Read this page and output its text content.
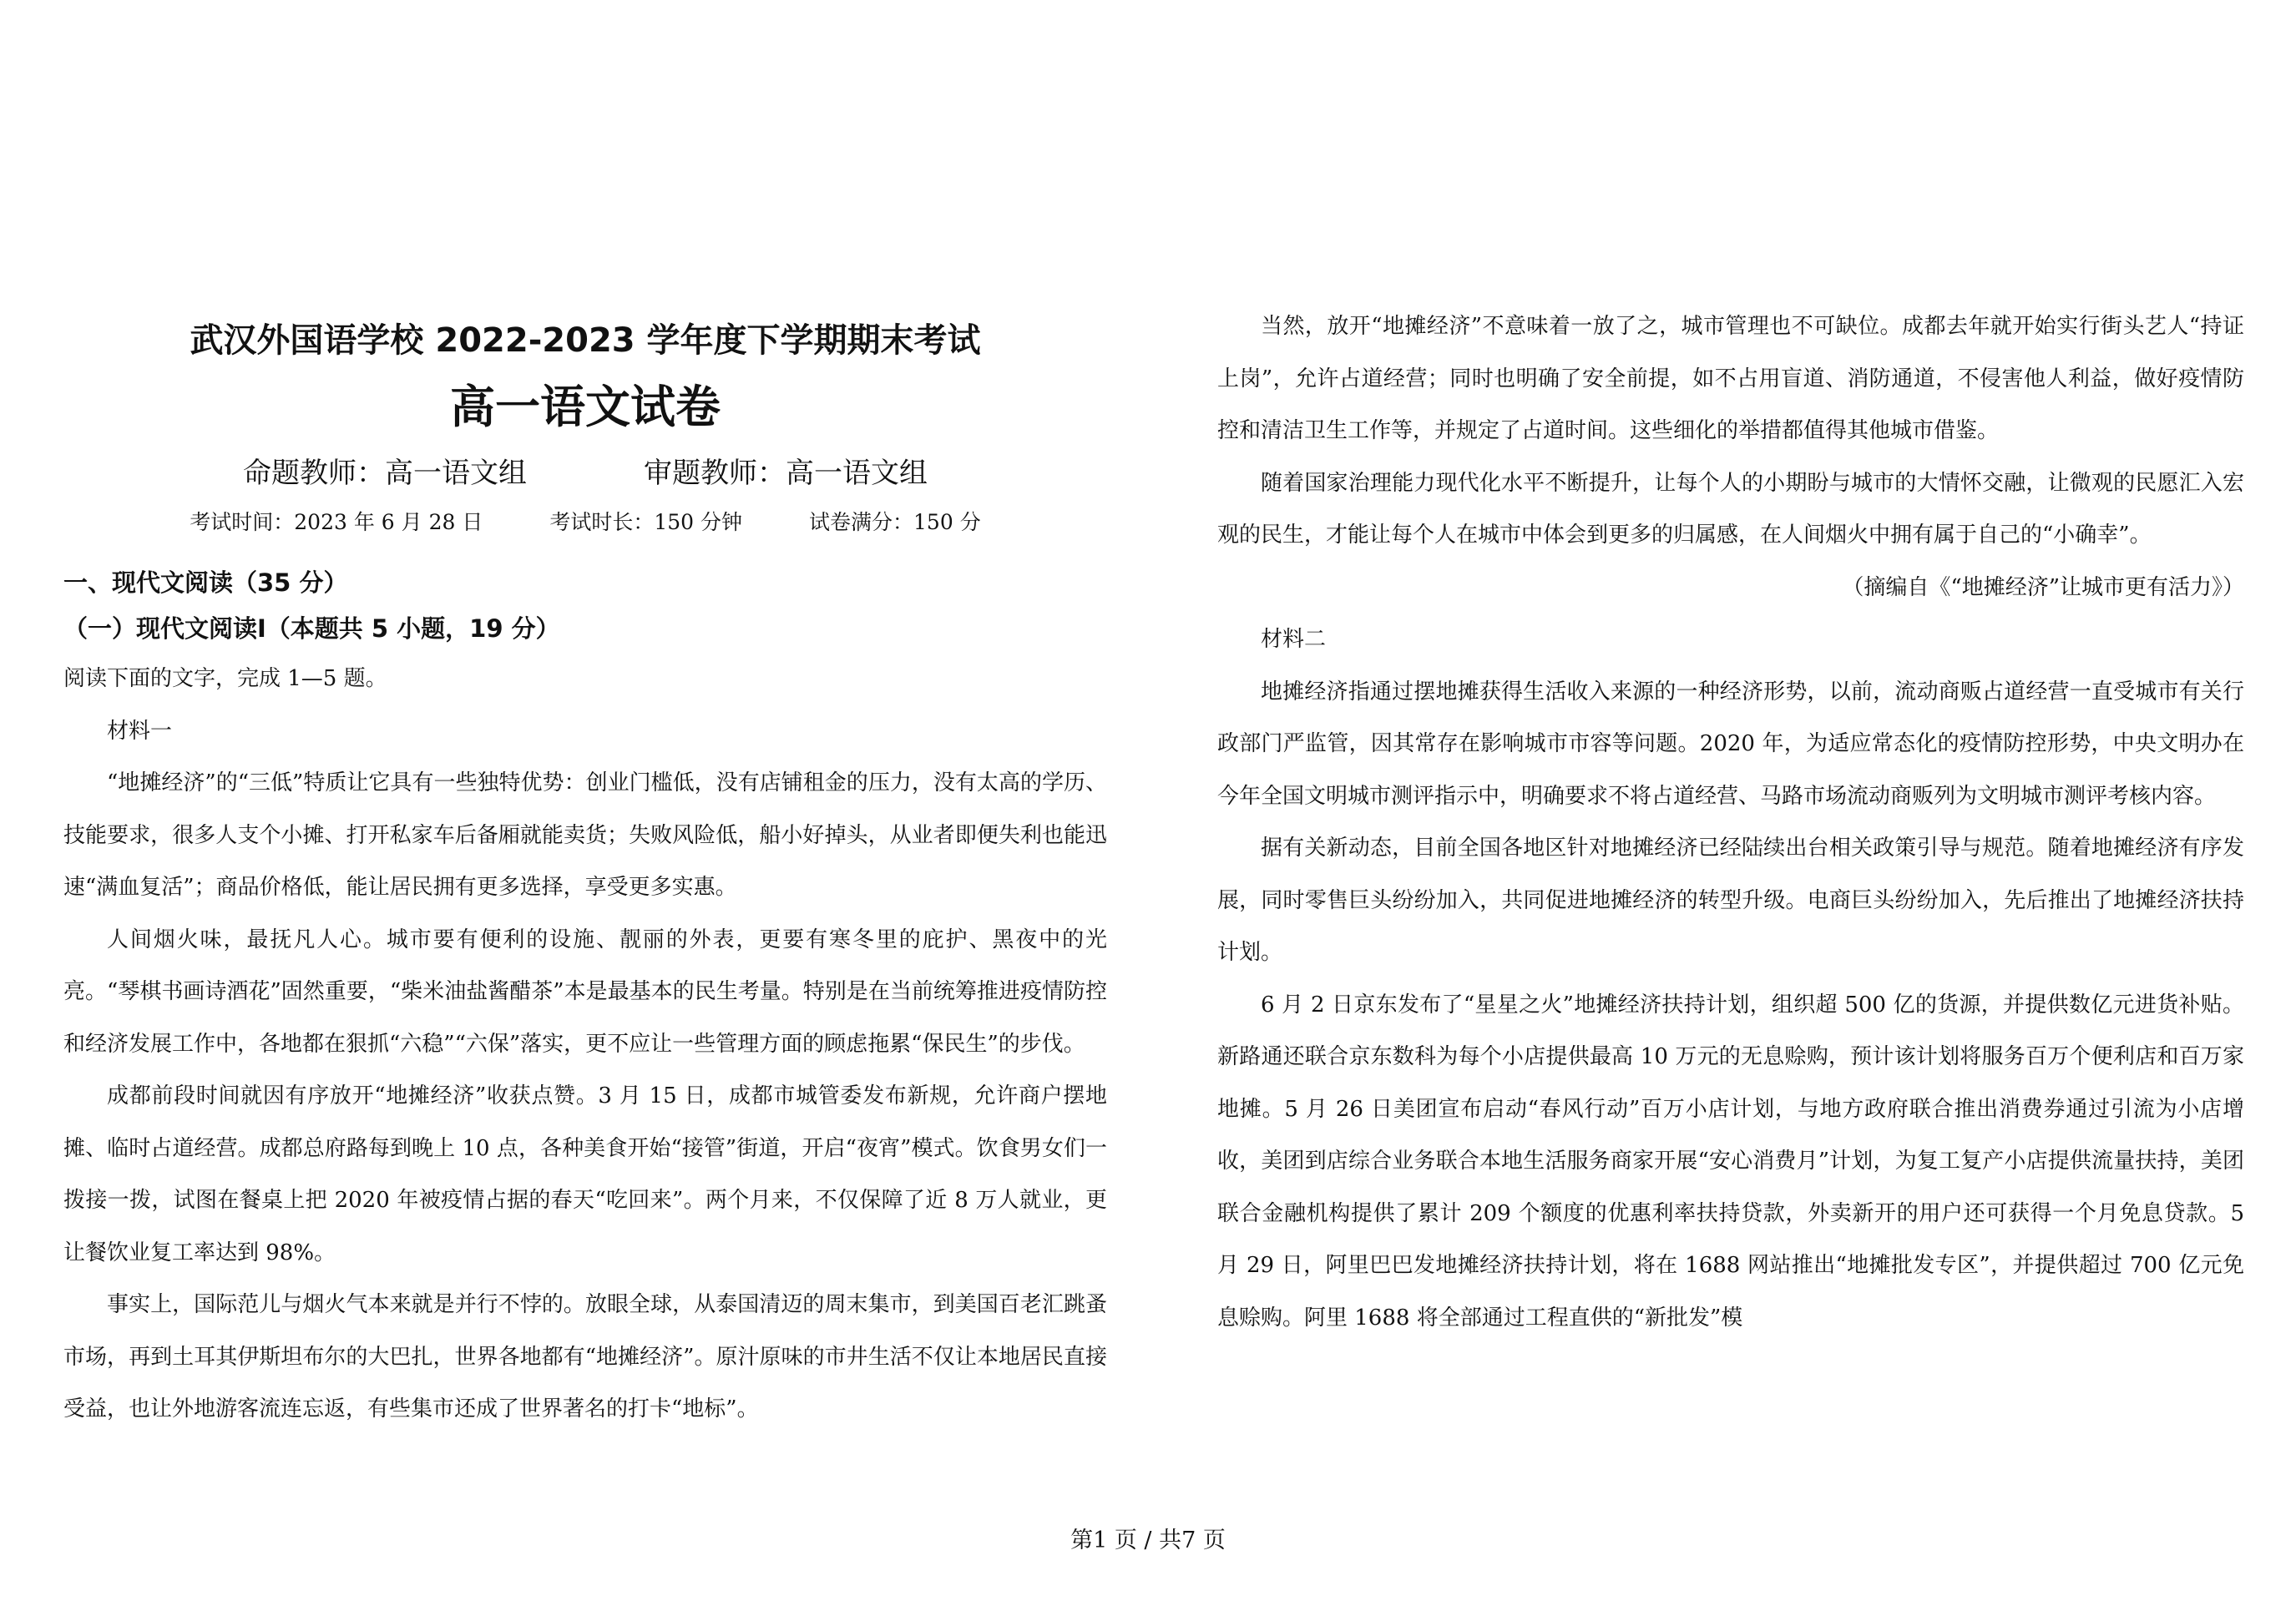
武汉外国语学校 2022-2023 学年度下学期期末考试
高一语文试卷
命题教师：高一语文组	审题教师：高一语文组
考试时间：2023 年 6 月 28 日	考试时长：150 分钟	试卷满分：150 分
一、现代文阅读（35 分）
（一）现代文阅读Ⅰ（本题共 5 小题，19 分）
阅读下面的文字，完成 1—5 题。
材料一

“地摊经济”的“三低”特质让它具有一些独特优势：创业门槛低，没有店铺租金的压力，没有太高的学历、技能要求，很多人支个小摊、打开私家车后备厢就能卖货；失败风险低，船小好掉头，从业者即便失利也能迅速“满血复活”；商品价格低，能让居民拥有更多选择，享受更多实惠。

人间烟火味，最抚凡人心。城市要有便利的设施、靓丽的外表，更要有寒冬里的庇护、黑夜中的光亮。“琴棋书画诗酒花”固然重要，“柴米油盐酱醋茶”本是最基本的民生考量。特别是在当前统筹推进疫情防控和经济发展工作中，各地都在狠抓“六稳”“六保”落实，更不应让一些管理方面的顾虑拖累“保民生”的步伐。

成都前段时间就因有序放开“地摊经济”收获点赞。3 月 15 日，成都市城管委发布新规，允许商户摆地摊、临时占道经营。成都总府路每到晚上 10 点，各种美食开始“接管”街道，开启“夜宵”模式。饮食男女们一拨接一拨，试图在餐桌上把 2020 年被疫情占据的春天“吃回来”。两个月来，不仅保障了近 8 万人就业，更让餐饮业复工率达到 98%。

事实上，国际范儿与烟火气本来就是并行不悖的。放眼全球，从泰国清迈的周末集市，到美国百老汇跳蚤市场，再到土耳其伊斯坦布尔的大巴扎，世界各地都有“地摊经济”。原汁原味的市井生活不仅让本地居民直接受益，也让外地游客流连忘返，有些集市还成了世界著名的打卡“地标”。

当然，放开“地摊经济”不意味着一放了之，城市管理也不可缺位。成都去年就开始实行街头艺人“持证上岗”，允许占道经营；同时也明确了安全前提，如不占用盲道、消防通道，不侵害他人利益，做好疫情防控和清洁卫生工作等，并规定了占道时间。这些细化的举措都值得其他城市借鉴。

随着国家治理能力现代化水平不断提升，让每个人的小期盼与城市的大情怀交融，让微观的民愿汇入宏观的民生，才能让每个人在城市中体会到更多的归属感，在人间烟火中拥有属于自己的“小确幸”。

（摘编自《“地摊经济”让城市更有活力》）
材料二

地摊经济指通过摆地摊获得生活收入来源的一种经济形势，以前，流动商贩占道经营一直受城市有关行政部门严监管，因其常存在影响城市市容等问题。2020 年，为适应常态化的疫情防控形势，中央文明办在今年全国文明城市测评指示中，明确要求不将占道经营、马路市场流动商贩列为文明城市测评考核内容。

据有关新动态，目前全国各地区针对地摊经济已经陆续出台相关政策引导与规范。随着地摊经济有序发展，同时零售巨头纷纷加入，共同促进地摊经济的转型升级。电商巨头纷纷加入，先后推出了地摊经济扶持计划。

6 月 2 日京东发布了“星星之火”地摊经济扶持计划，组织超 500 亿的货源，并提供数亿元进货补贴。新路通还联合京东数科为每个小店提供最高 10 万元的无息赊购，预计该计划将服务百万个便利店和百万家地摊。5 月 26 日美团宣布启动“春风行动”百万小店计划，与地方政府联合推出消费券通过引流为小店增收，美团到店综合业务联合本地生活服务商家开展“安心消费月”计划，为复工复产小店提供流量扶持，美团联合金融机构提供了累计 209 个额度的优惠利率扶持贷款，外卖新开的用户还可获得一个月免息贷款。5 月 29 日，阿里巴巴发地摊经济扶持计划，将在 1688 网站推出“地摊批发专区”，并提供超过 700 亿元免息赊购。阿里 1688 将全部通过工程直供的“新批发”模

第1 页 / 共7 页
